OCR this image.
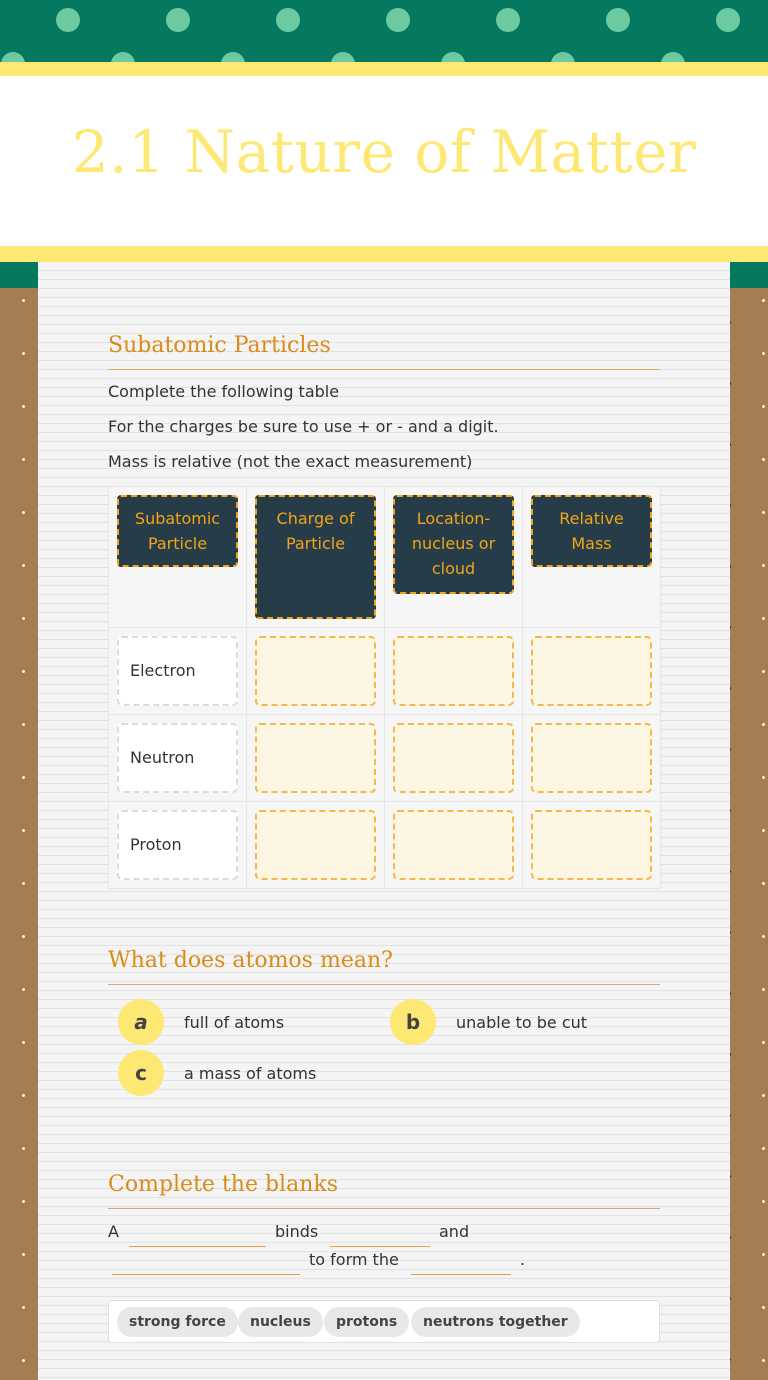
2.1 Nature of Matter
Subatomic Particles
Complete the following table
For the charges be sure to use + or - and a digit.
Mass is relative (not the exact measurement)
Subatomic Particle	Charge of Particle	Location-nucleus or cloud	Relative Mass

Electron			

Neutron			

Proton			

What does atomos mean?
a	full of atoms	b	unable to be cut
c	a mass of atoms
Complete the blanks
A	binds	and
to form the	.
strong force	nucleus	protons	neutrons together
